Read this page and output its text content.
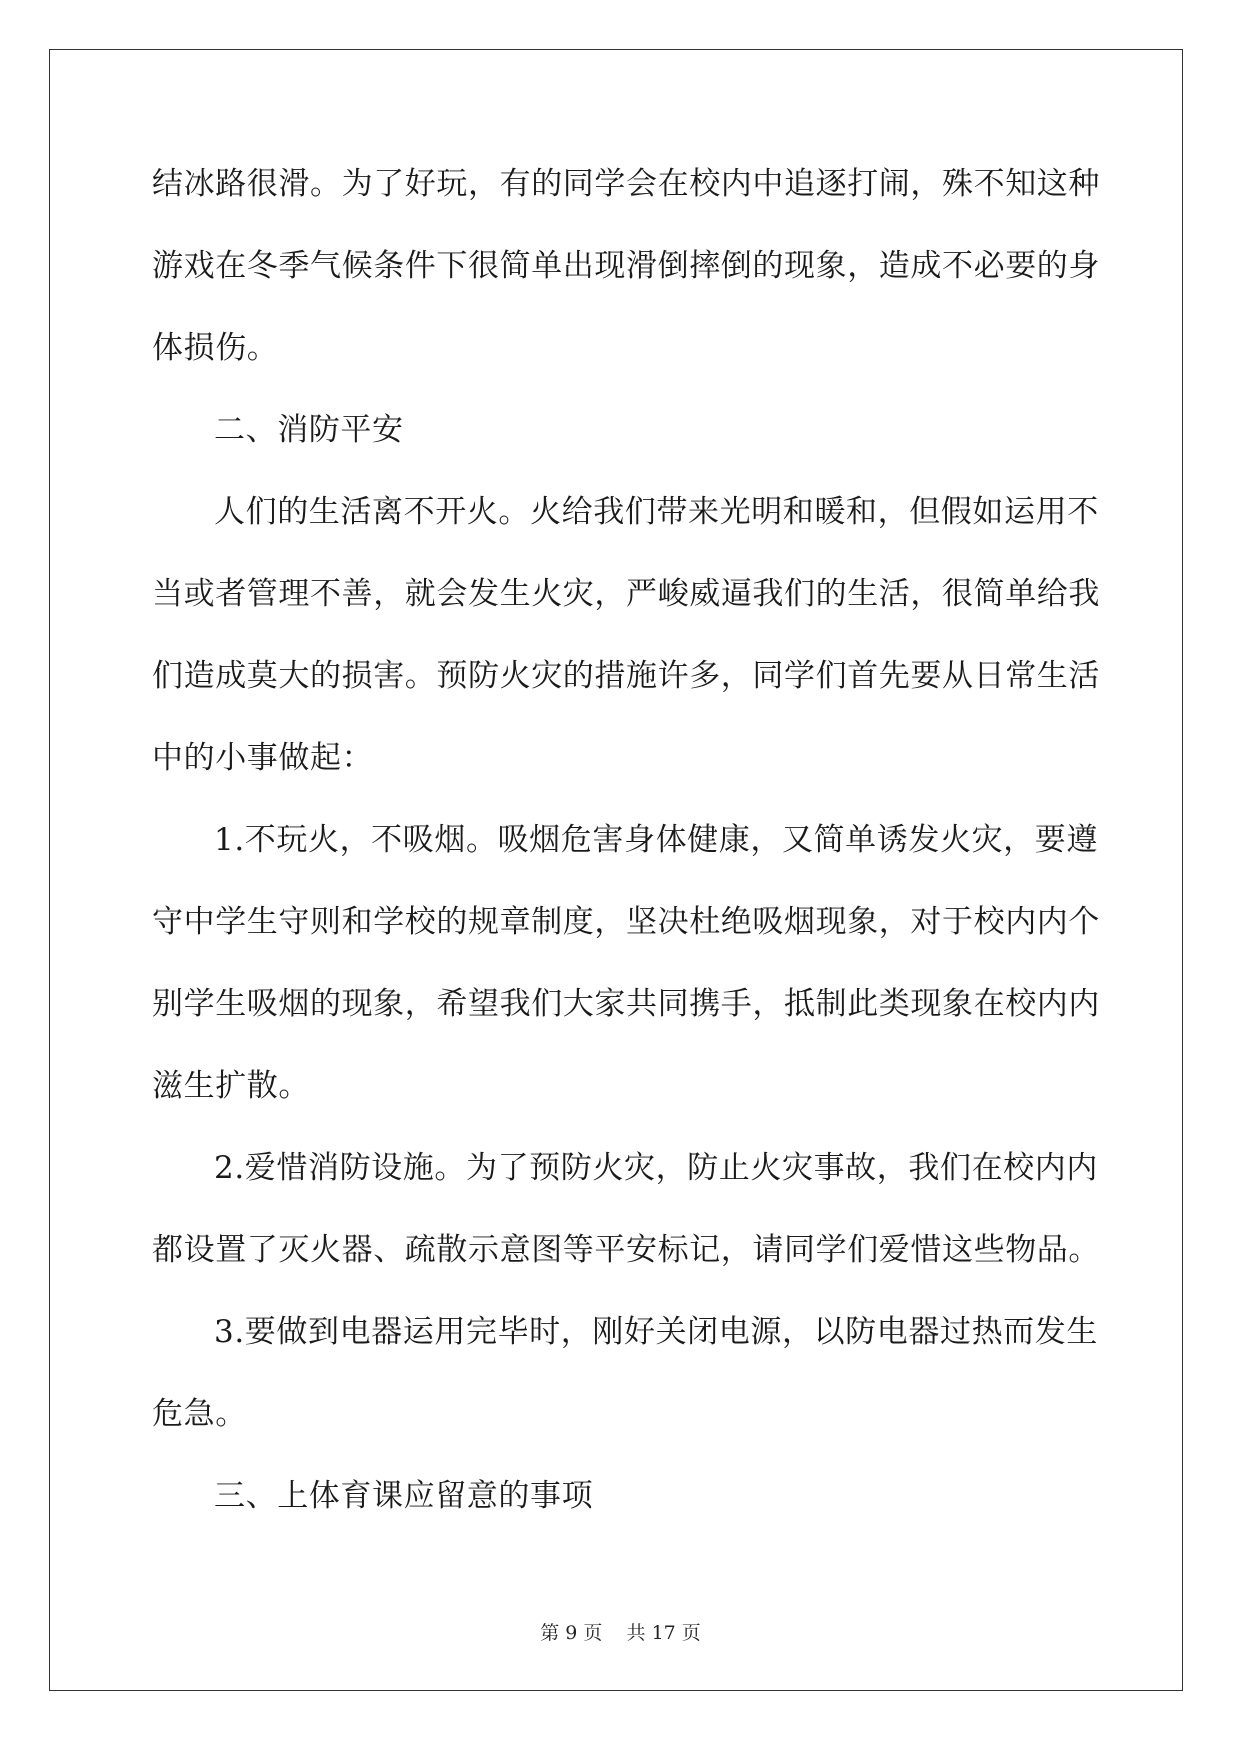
结冰路很滑。为了好玩，有的同学会在校内中追逐打闹，殊不知这种
游戏在冬季气候条件下很简单出现滑倒摔倒的现象，造成不必要的身
体损伤。
二、消防平安
人们的生活离不开火。火给我们带来光明和暖和，但假如运用不
当或者管理不善，就会发生火灾，严峻威逼我们的生活，很简单给我
们造成莫大的损害。预防火灾的措施许多，同学们首先要从日常生活
中的小事做起：
1.不玩火，不吸烟。吸烟危害身体健康，又简单诱发火灾，要遵
守中学生守则和学校的规章制度，坚决杜绝吸烟现象，对于校内内个
别学生吸烟的现象，希望我们大家共同携手，抵制此类现象在校内内
滋生扩散。
2.爱惜消防设施。为了预防火灾，防止火灾事故，我们在校内内
都设置了灭火器、疏散示意图等平安标记，请同学们爱惜这些物品。
3.要做到电器运用完毕时，刚好关闭电源，以防电器过热而发生
危急。
三、上体育课应留意的事项
第 9 页    共 17 页
